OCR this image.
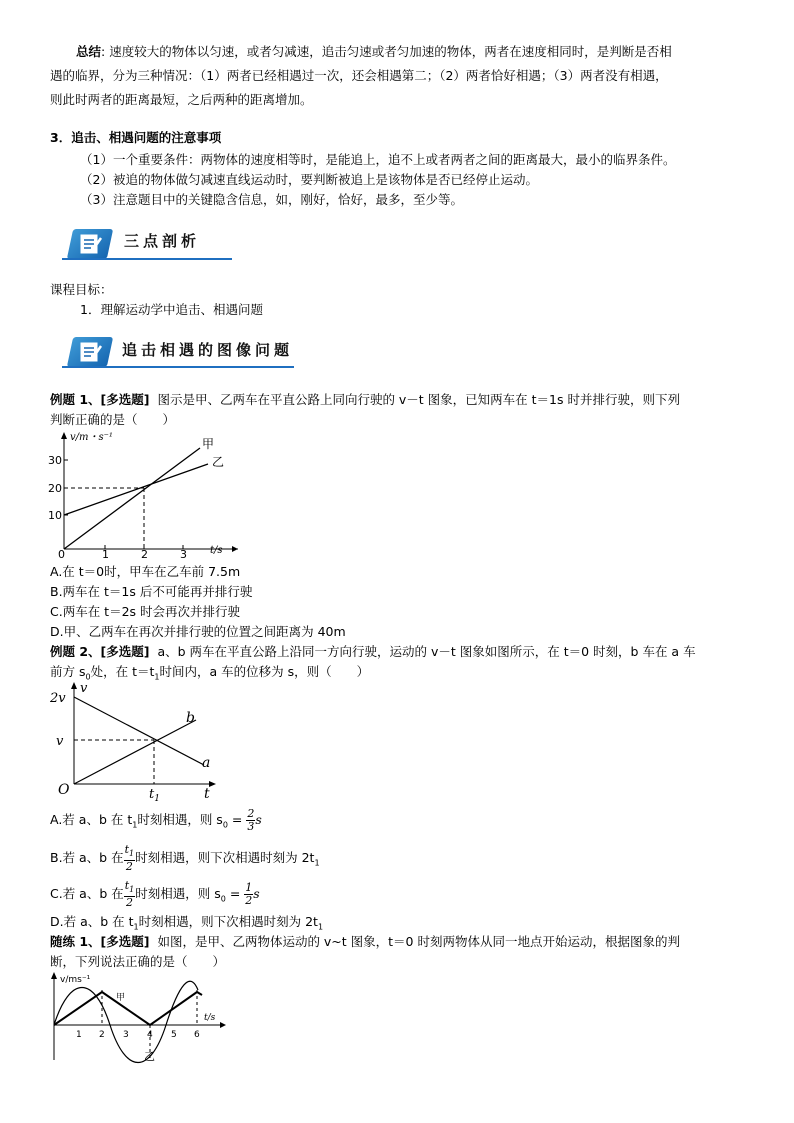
总结: 速度较大的物体以匀速，或者匀减速，追击匀速或者匀加速的物体，两者在速度相同时，是判断是否相
遇的临界，分为三种情况：（1）两者已经相遇过一次，还会相遇第二；（2）两者恰好相遇；（3）两者没有相遇，
则此时两者的距离最短，之后两种的距离增加。
3．追击、相遇问题的注意事项
（1）一个重要条件：两物体的速度相等时，是能追上，追不上或者两者之间的距离最大，最小的临界条件。
（2）被追的物体做匀减速直线运动时，要判断被追上是该物体是否已经停止运动。
（3）注意题目中的关键隐含信息，如，刚好，恰好，最多，至少等。
三点剖析
课程目标：
1．理解运动学中追击、相遇问题
追击相遇的图像问题
例题 1、[多选题] 图示是甲、乙两车在平直公路上同向行驶的 v－t 图象，已知两车在 t＝1s 时并排行驶，则下列
判断正确的是（　　）
v/m・s⁻¹
t/s
10
20
30
0	1	2	3
甲
乙
A.在 t＝0时，甲车在乙车前 7.5m
B.两车在 t＝1s 后不可能再并排行驶
C.两车在 t＝2s 时会再次并排行驶
D.甲、乙两车在再次并排行驶的位置之间距离为 40m
例题 2、[多选题] a、b 两车在平直公路上沿同一方向行驶，运动的 v－t 图象如图所示，在 t＝0 时刻，b 车在 a 车
前方 $s_0$处，在 $t=t_1$时间内，a 车的位移为 s，则（　　）
v
2v
v
O	t
$t_1$
a
b
A.若 a、b 在 $t_1$时刻相遇，则 $s_0 = \frac{2}{3}$ s
B.若 a、b 在 $\frac{t_1}{2}$ 时刻相遇，则下次相遇时刻为 $2t_1$
C.若 a、b 在 $\frac{t_1}{2}$ 时刻相遇，则 $s_0 = \frac{1}{2}$ s
D.若 a、b 在 $t_1$时刻相遇，则下次相遇时刻为 $2t_1$
随练 1、[多选题] 如图，是甲、乙两物体运动的 v~t 图象，t＝0 时刻两物体从同一地点开始运动，根据图象的判
断，下列说法正确的是（　　）
v/ms⁻¹
t/s
1 2 3 4 5 6
甲
乙
